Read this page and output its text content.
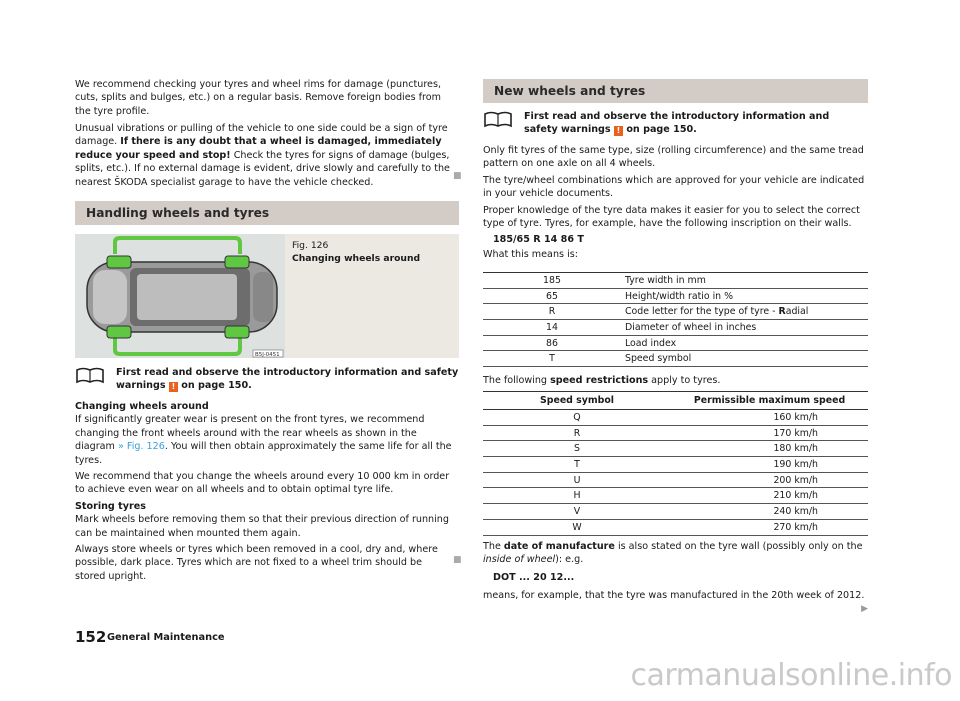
We recommend checking your tyres and wheel rims for damage (punctures, cuts, splits and bulges, etc.) on a regular basis. Remove foreign bodies from the tyre profile.

Unusual vibrations or pulling of the vehicle to one side could be a sign of tyre damage. If there is any doubt that a wheel is damaged, immediately reduce your speed and stop! Check the tyres for signs of damage (bulges, splits, etc.). If no external damage is evident, drive slowly and carefully to the nearest ŠKODA specialist garage to have the vehicle checked.

■
Handling wheels and tyres
B5J-0451
Fig. 126
Changing wheels around
First read and observe the introductory information and safety warnings ! on page 150.

Changing wheels around

If significantly greater wear is present on the front tyres, we recommend changing the front wheels around with the rear wheels as shown in the diagram » Fig. 126. You will then obtain approximately the same life for all the tyres.

We recommend that you change the wheels around every 10 000 km in order to achieve even wear on all wheels and to obtain optimal tyre life.

Storing tyres

Mark wheels before removing them so that their previous direction of running can be maintained when mounted them again.

Always store wheels or tyres which been removed in a cool, dry and, where possible, dark place. Tyres which are not fixed to a wheel trim should be stored upright.

■
New wheels and tyres
First read and observe the introductory information and safety warnings ! on page 150.

Only fit tyres of the same type, size (rolling circumference) and the same tread pattern on one axle on all 4 wheels.

The tyre/wheel combinations which are approved for your vehicle are indicated in your vehicle documents.

Proper knowledge of the tyre data makes it easier for you to select the correct type of tyre. Tyres, for example, have the following inscription on their walls.

185/65 R 14 86 T

What this means is:

185	Tyre width in mm
65	Height/width ratio in %
R	Code letter for the type of tyre - Radial
14	Diameter of wheel in inches
86	Load index
T	Speed symbol

The following speed restrictions apply to tyres.

Speed symbol	Permissible maximum speed
Q	160 km/h
R	170 km/h
S	180 km/h
T	190 km/h
U	200 km/h
H	210 km/h
V	240 km/h
W	270 km/h

The date of manufacture is also stated on the tyre wall (possibly only on the inside of wheel): e.g.

DOT ... 20 12...

means, for example, that the tyre was manufactured in the 20th week of 2012.
▶

152 General Maintenance
carmanualsonline.info
